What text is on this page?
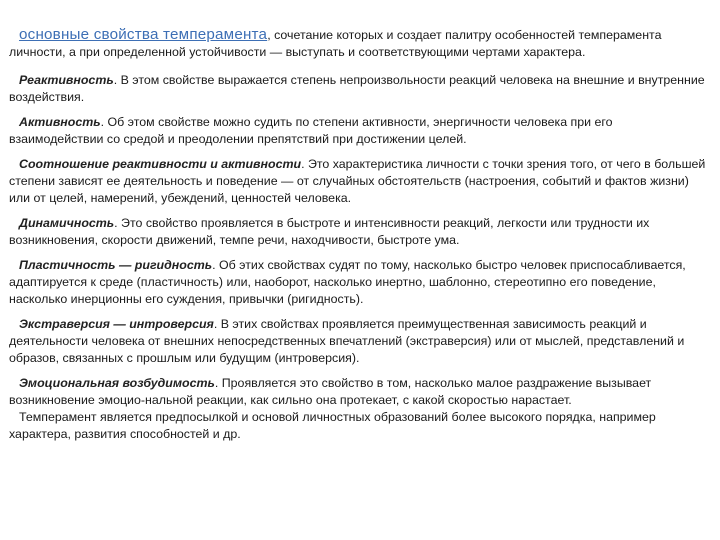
основные свойства темперамента, сочетание которых и создает палитру особенностей темперамента личности, а при определенной устойчивости — выступать и соответствующими чертами характера.

Реактивность. В этом свойстве выражается степень непроизвольности реакций человека на внешние и внутренние воздействия.

Активность. Об этом свойстве можно судить по степени активности, энергичности человека при его взаимодействии со средой и преодолении препятствий при достижении целей.

Соотношение реактивности и активности. Это характеристика личности с точки зрения того, от чего в большей степени зависят ее деятельность и поведение — от случайных обстоятельств (настроения, событий и фактов жизни) или от целей, намерений, убеждений, ценностей человека.

Динамичность. Это свойство проявляется в быстроте и интенсивности реакций, легкости или трудности их возникновения, скорости движений, темпе речи, находчивости, быстроте ума.

Пластичность — ригидность. Об этих свойствах судят по тому, насколько быстро человек приспосабливается, адаптируется к среде (пластичность) или, наоборот, насколько инертно, шаблонно, стереотипно его поведение, насколько инерционны его суждения, привычки (ригидность).

Экстраверсия — интроверсия. В этих свойствах проявляется преимущественная зависимость реакций и деятельности человека от внешних непосредственных впечатлений (экстраверсия) или от мыслей, представлений и образов, связанных с прошлым или будущим (интроверсия).

Эмоциональная возбудимость. Проявляется это свойство в том, насколько малое раздражение вызывает возникновение эмоцио-нальной реакции, как сильно она протекает, с какой скоростью нарастает.

Темперамент является предпосылкой и основой личностных образований более высокого порядка, например характера, развития способностей и др.
